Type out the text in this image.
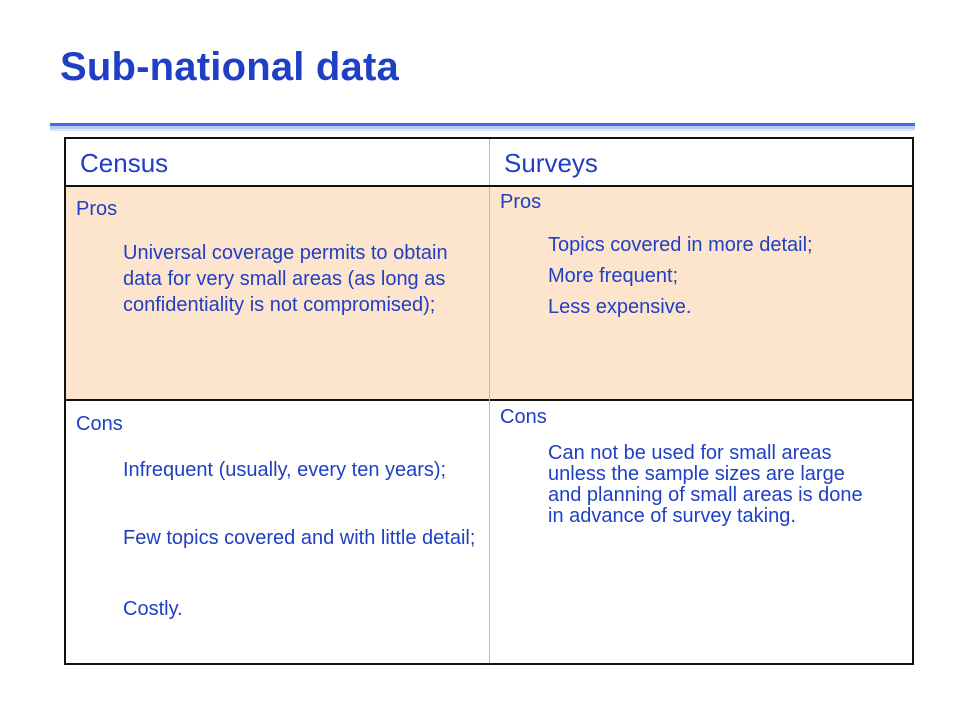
Sub-national data
Census	Surveys
Pros
Universal coverage permits to obtain data for very small areas (as long as confidentiality is not compromised);
Pros
Topics covered in more detail;
More frequent;
Less expensive.
Cons
Infrequent (usually, every ten years);
Few topics covered and with little detail;
Costly.
Cons
Can not be used for small areas unless the sample sizes are large and planning of small areas is done in advance of survey taking.
